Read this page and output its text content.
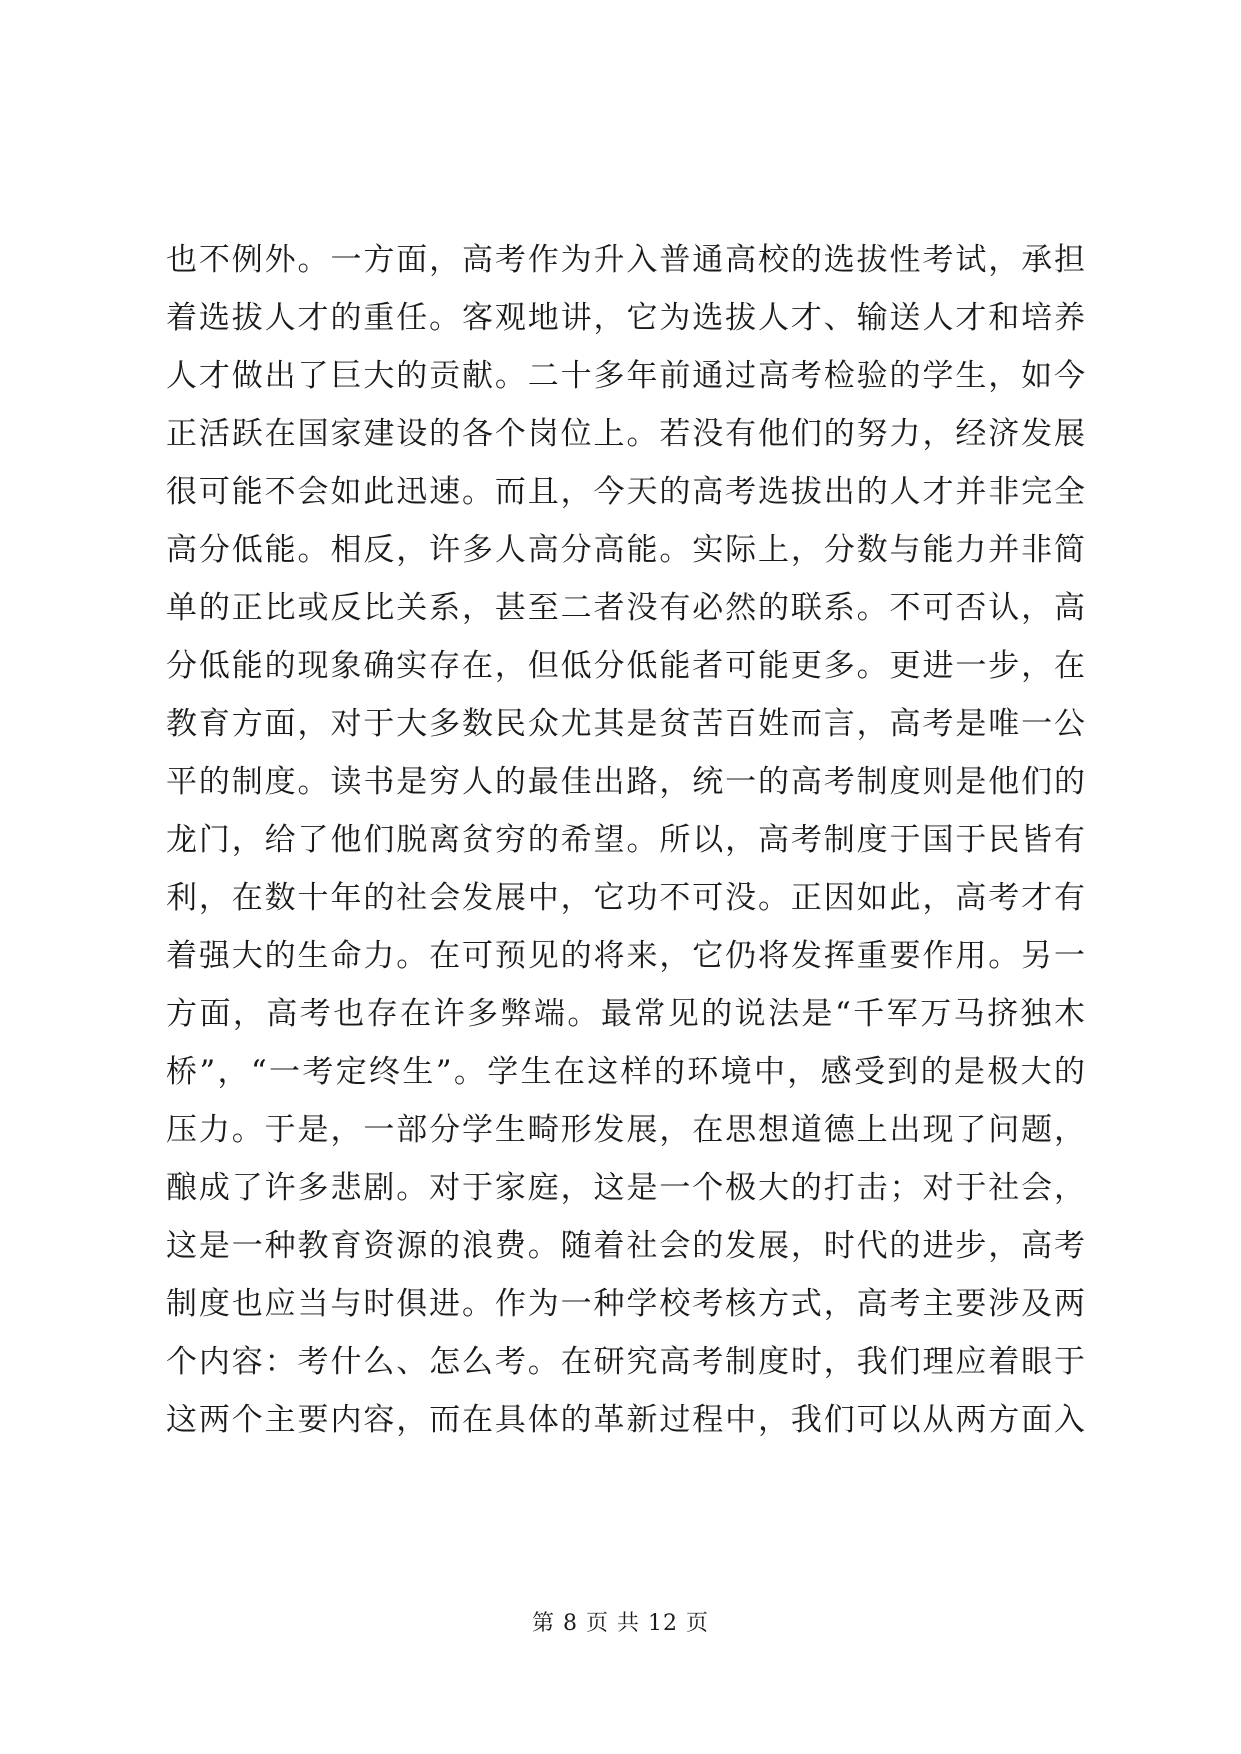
也不例外。一方面，高考作为升入普通高校的选拔性考试，承担
着选拔人才的重任。客观地讲，它为选拔人才、输送人才和培养
人才做出了巨大的贡献。二十多年前通过高考检验的学生，如今
正活跃在国家建设的各个岗位上。若没有他们的努力，经济发展
很可能不会如此迅速。而且，今天的高考选拔出的人才并非完全
高分低能。相反，许多人高分高能。实际上，分数与能力并非简
单的正比或反比关系，甚至二者没有必然的联系。不可否认，高
分低能的现象确实存在，但低分低能者可能更多。更进一步，在
教育方面，对于大多数民众尤其是贫苦百姓而言，高考是唯一公
平的制度。读书是穷人的最佳出路，统一的高考制度则是他们的
龙门，给了他们脱离贫穷的希望。所以，高考制度于国于民皆有
利，在数十年的社会发展中，它功不可没。正因如此，高考才有
着强大的生命力。在可预见的将来，它仍将发挥重要作用。另一
方面，高考也存在许多弊端。最常见的说法是“千军万马挤独木
桥”，“一考定终生”。学生在这样的环境中，感受到的是极大的
压力。于是，一部分学生畸形发展，在思想道德上出现了问题，
酿成了许多悲剧。对于家庭，这是一个极大的打击；对于社会，
这是一种教育资源的浪费。随着社会的发展，时代的进步，高考
制度也应当与时俱进。作为一种学校考核方式，高考主要涉及两
个内容：考什么、怎么考。在研究高考制度时，我们理应着眼于
这两个主要内容，而在具体的革新过程中，我们可以从两方面入
第 8 页 共 12 页
